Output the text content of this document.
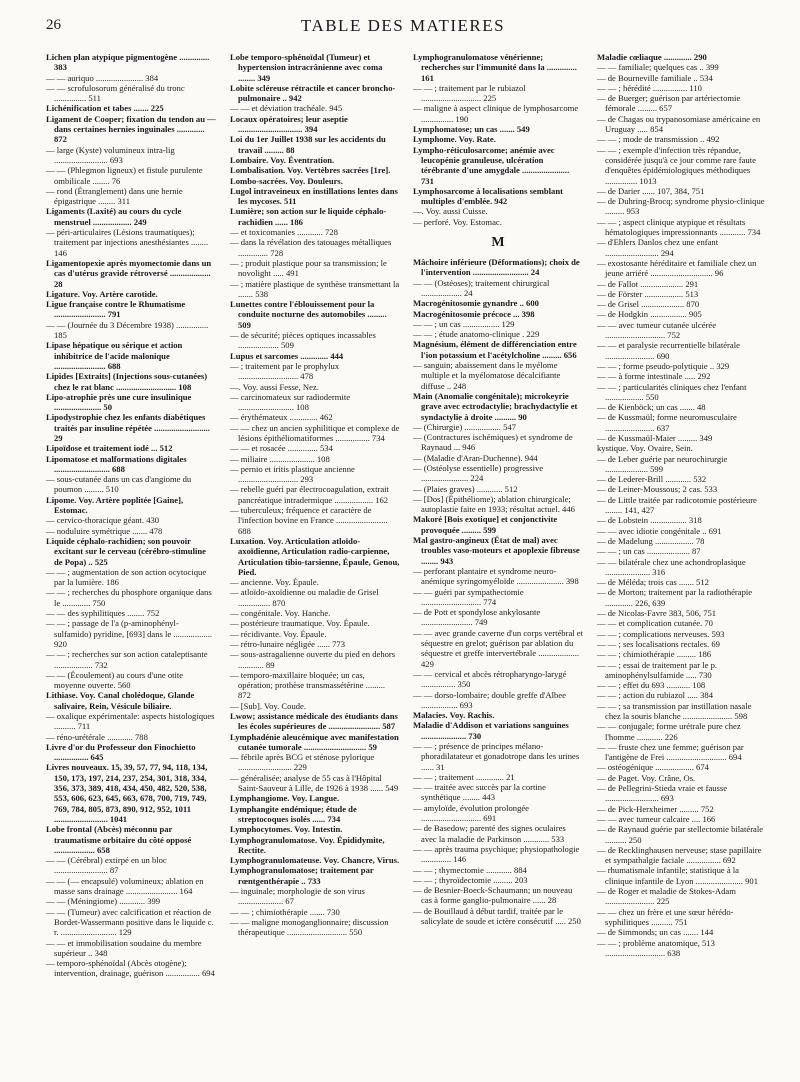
26	TABLE DES MATIERES
Lichen plan atypique pigmentogène .............. 383
— — auriquo ...................... 384
— — scrofulosorum généralisé du tronc ............... 511
Lichénification et tabes ....... 225
Ligament de Cooper; fixation du tendon au — dans certaines hernies inguinales ............. 872
— large (Kyste) volumineux intra-lig ......................... 693
— — (Phlegmon ligneux) et fistule purulente ombilicale ........ 76
— rond (Étranglement) dans une hernie épigastrique ........ 311
Ligaments (Laxité) au cours du cycle menstruel .................. 249
— péri-articulaires (Lésions traumatiques); traitement par injections anesthésiantes ........ 146
Ligamentopexie après myomectomie dans un cas d'utérus gravide rétroversé ................... 28
Ligature. Voy. Artère carotide.
Ligue française contre le Rhumatisme ........................ 791
— — (Journée du 3 Décembre 1938) ............... 185
Lipase hépatique ou sérique et action inhibitrice de l'acide malonique ........................ 688
Lipides [Extraits] (Injections sous-cutanées) chez le rat blanc ............................ 108
Lipo-atrophie près une cure insulinique ...................... 50
Lipodystrophie chez les enfants diabétiques traités par insuline répétée .......................... 29
Lipoïdose et traitement iodé ... 512
Lipomatose et malformations digitales .......................... 688
— sous-cutanée dans un cas d'angiome du poumon ......... 510
Lipome. Voy. Artère poplitée [Gaine], Estomac.
— cervico-thoracique géant. 430
— noduluire symétrique ....... 478
Liquide céphalo-rachidien; son pouvoir excitant sur le cerveau (cérébro-stimuline de Popa) .. 525
— — ; augmentation de son action ocytocique par la lumière. 186
— — ; recherches du phosphore organique dans le ............. 750
— — des syphilitiques ........ 752
— — ; passage de l'a (p-aminophényl-sulfamido) pyridine, [693] dans le .................. 920
— — ; recherches sur son action cataleptisante .................. 732
— — (Écoulement) au cours d'une otite moyenne ouverte. 560
Lithiase. Voy. Canal cholédoque, Glande salivaire, Rein, Vésicule biliaire.
— oxalique expérimentale: aspects histologiques .......... 711
— réno-urétérale ............ 788
Livre d'or du Professeur don Finochietto ................ 645
Livres nouveaux. 15, 39, 57, 77, 94, 118, 134, 150, 173, 197, 214, 237, 254, 301, 318, 334, 356, 373, 389, 418, 434, 450, 482, 520, 538, 553, 606, 623, 645, 663, 678, 700, 719, 749, 769, 784, 805, 873, 890, 912, 952, 1011 ......................... 1041
Lobe frontal (Abcès) méconnu par traumatisme orbitaire du côté opposé ................... 658
— — (Cérébral) extirpé en un bloc ......................... 87
— — (— encapsulé) volumineux; ablation en masse sans drainage ........................ 164
— — (Méningiome) ............ 399
— — (Tumeur) avec calcification et réaction de Bordet-Wassermann positive dans le liquide c. r. .......................... 129
— — et immobilisation soudaine du membre supérieur .. 348
— temporo-sphénoïdal (Abcès otogène); intervention, drainage, guérison ................ 694
Lobe temporo-sphénoïdal (Tumeur) et hypertension intracrânienne avec coma ........ 349
Lobite scléreuse rétractile et cancer broncho-pulmonaire .. 942
— — et déviation trachéale. 945
Locaux opératoires; leur aseptie .............................. 394
Loi du 1er Juillet 1938 sur les accidents du travail ......... 88
Lombaire. Voy. Éventration.
Lombalisation. Voy. Vertèbres sacrées [1re].
Lombo-sacrées. Voy. Douleurs.
Lugol intraveineux en instillations lentes dans les mycoses. 511
Lumière; son action sur le liquide céphalo-rachidien ...... 186
— et toxicomanies ............ 728
— dans la révélation des tatouages métalliques .............. 728
— ; produit plastique pour sa transmission; le novolight ..... 491
— ; matière plastique de synthèse transmettant la ....... 538
Lunettes contre l'éblouissement pour la conduite nocturne des automobiles ......... 509
— de sécurité; pièces optiques incassables ................... 509
Lupus et sarcomes ............. 444
— ; traitement par le prophylux ............................ 478
—. Voy. aussi Fesse, Nez.
— carcinomateux sur radiodermite .......................... 108
— érythémateux ............. 462
— — chez un ancien syphilitique et complexe de lésions épithéliomatiformes ................ 734
— — et rosacée .............. 534
— miliaire ..................... 108
— pernio et iritis plastique ancienne ............................ 293
— rebelle guéri par électrocoagulation, extrait pancréatique intradermique .................. 162
— tuberculeux; fréquence et caractère de l'infection bovine en France ........................ 688
Luxation. Voy. Articulation atloïdo-axoïdienne, Articulation radio-carpienne, Articulation tibio-tarsienne, Épaule, Genou, Pied.
— ancienne. Voy. Épaule.
— atloïdo-axoïdienne ou maladie de Grisel ............... 870
— congénitale. Voy. Hanche.
— postérieure traumatique. Voy. Épaule.
— récidivante. Voy. Épaule.
— rétro-lunaire négligée ...... 773
— sous-astragalienne ouverte du pied en dehors ............ 89
— temporo-maxillaire bloquée; un cas, opération; prothèse transmassétérine ......... 872
— [Sub]. Voy. Coude.
Lwow; assistance médicale des étudiants dans les écoles supérieures de ........................ 587
Lymphadénie aleucémique avec manifestation cutanée tumorale ............................. 59
— fébrile après BCG et sténose pylorique ......................... 229
— généralisée; analyse de 55 cas à l'Hôpital Saint-Sauveur à Lille, de 1926 à 1938 ...... 549
Lymphangiome. Voy. Langue.
Lymphangite endémique; étude de streptocoques isolés ...... 734
Lymphocytomes. Voy. Intestin.
Lymphogranulomatose. Voy. Épididymite, Rectite.
Lymphogranulomateuse. Voy. Chancre, Virus.
Lymphogranulomatose; traitement par rœntgenthérapie .. 733
— inguinale; morphologie de son virus ..................... 67
— — ; chimiothérapie ....... 730
— — maligne monoganglionnaire; discussion thérapeutique ............................ 550
Lymphogranulomatose vénérienne; recherches sur l'immunité dans la .............. 161
— — ; traitement par le rubiazol ............................ 225
— maligne à aspect clinique de lymphosarcome ............... 190
Lymphomatose; un cas ....... 549
Lymphome. Voy. Rate.
Lympho-réticulosarcome; anémie avec leucopénie granuleuse, ulcération térébrante d'une amygdale ...................... 731
Lymphosarcome à localisations semblant multiples d'emblée. 942
—. Voy. aussi Cuisse.
— perforé. Voy. Estomac.
M
Mâchoire inférieure (Déformations); choix de l'intervention .......................... 24
— — (Ostéoses); traitement chirurgical ................... 24
Macrogénitosomie gynandre .. 600
Macrogénitosomie précoce ... 398
— — ; un cas ................. 129
— — ; étude anatomo-clinique . 229
Magnésium, élément de différenciation entre l'ion potassium et l'acétylcholine ......... 656
— sanguin; abaissement dans le myélome multiple et la myélomatose décalcifiante diffuse .. 248
Main (Anomalie congénitale); microkeyrie grave avec ectrodactylie; brachydactylie et syndactylie à droite .......... 90
— (Chirurgie) ................. 547
— (Contractures ischémiques) et syndrome de Raynaud ... 946
— (Maladie d'Aran-Duchenne). 944
— (Ostéolyse essentielle) progressive ...................... 224
— (Plaies graves) ............ 512
— [Dos] (Épithéliome); ablation chirurgicale; autoplastie faite en 1933; résultat actuel. 446
Makoré [Bois exotique] et conjonctivite provoquée ......... 599
Mal gastro-angineux (État de mal) avec troubles vaso-moteurs et apoplexie fibreuse ........ 943
— perforant plantaire et syndrome neuro-anémique syringomyéloïde ...................... 398
— — guéri par sympathectomie ............................ 774
— de Pott et spondylose ankylosante ........................ 749
— — avec grande caverne d'un corps vertébral et séquestre en grelot; guérison par ablation du séquestre et greffe intervertébrale ................... 429
— — cervical et abcès rétropharyngo-larygé ................ 350
— — dorso-lombaire; double greffe d'Albee ................. 693
Malacies. Voy. Rachis.
Maladie d'Addison et variations sanguines ..................... 730
— — ; présence de principes mélano-phoradilatateur et gonadotrope dans les urines ...... 31
— — ; traitement ............. 21
— — traitée avec succès par la cortine synthétique ........ 443
— amyloïde, évolution prolongée ............................ 691
— de Basedow; parenté des signes oculaires avec la maladie de Parkinson ............ 533
— — après trauma psychique; physiopathologie .............. 146
— — ; thymectomie ............ 884
— — ; thyroïdectomie ......... 203
— de Besnier-Boeck-Schaumann; un nouveau cas à forme ganglio-pulmonaire ...... 28
— de Bouillaud à début tardif, traitée par le salicylate de soude et ictère consécutif ..... 250
Maladie cœliaque ............. 290
— — familiale; quelques cas .. 399
— de Bourneville familiale .. 534
— — ; hérédité ................ 110
— de Buerger; guérison par artériectomie fémorale ......... 657
— de Chagas ou trypanosomiase américaine en Uruguay ..... 854
— — ; mode de transmission .. 492
— — ; exemple d'infection très répandue, considérée jusqu'à ce jour comme rare faute d'enquêtes épidémiologiques méthodiques ............... 1013
— de Darier ...... 107, 384, 751
— de Duhring-Brocq; syndrome physio-clinique ......... 953
— — ; aspect clinique atypique et résultats hématologiques impressionnants ............ 734
— d'Ehlers Danlos chez une enfant ......................... 294
— exostosante héréditaire et familiale chez un jeune arriéré ............................. 96
— de Fallot .................... 291
— de Förster .................. 513
— de Grisel .................... 870
— de Hodgkin ................. 905
— — avec tumeur cutanée ulcérée ............................ 752
— — et paralysie recurrentielle bilatérale ....................... 690
— — ; forme pseudo-polytiquie .. 329
— — à forme intestinale ..... 292
— — ; particularités cliniques chez l'enfant .................. 550
— de Kienböck; un cas ....... 48
— de Kussmaül; forme neuromusculaire ....................... 637
— de Kussmaül-Maier ......... 349
kystique. Voy. Ovaire, Sein.
— de Leber guérie par neurochirurgie .................... 599
— de Lederer-Brill ............ 532
— de Leiner-Moussous; 2 cas. 533
— de Little traitée par radicotomie postérieure ........ 141, 427
— de Lobstein ................. 318
— — avec idiotie congénitale .. 691
— de Madelung .................. 78
— — ; un cas .................... 87
— — bilatérale chez une achondroplasique ..................... 316
— de Méléda; trois cas ....... 512
— de Morton; traitement par la radiothérapie ............. 226, 639
— de Nicolas-Favre 383, 506, 751
— — et complication cutanée. 70
— — ; complications nerveuses. 593
— — ; ses localisations rectales. 69
— — ; chimiothérapie ......... 186
— — ; essai de traitement par le p. aminophénylsulfamide ..... 730
— — ; effet du 693 ........... 108
— — ; action du rubiazol ..... 384
— — ; sa transmission par instillation nasale chez la souris blanche ....................... 598
— — conjugale; forme urétrale pure chez l'homme ............ 226
— — fruste chez une femme; guérison par l'antigène de Frei ............................ 694
— ostéogénique .................. 674
— de Paget. Voy. Crâne, Os.
— de Pellegrini-Stieda vraie et fausse ......................... 693
— de Pick-Herxheimer ......... 752
— — avec tumeur calcaire .... 166
— de Raynaud guérie par stellectomie bilatérale .......... 250
— de Recklinghausen nerveuse; stase papillaire et sympathalgie faciale ................ 692
— rhumatismale infantile; statistique à la clinique infantile de Lyon ...................... 901
— de Roger et maladie de Stokes-Adam ....................... 225
— — chez un frère et une sœur hérédo-syphilitiques .......... 751
— de Simmonds; un cas ....... 144
— — ; problème anatomique, 513 ............................ 638
